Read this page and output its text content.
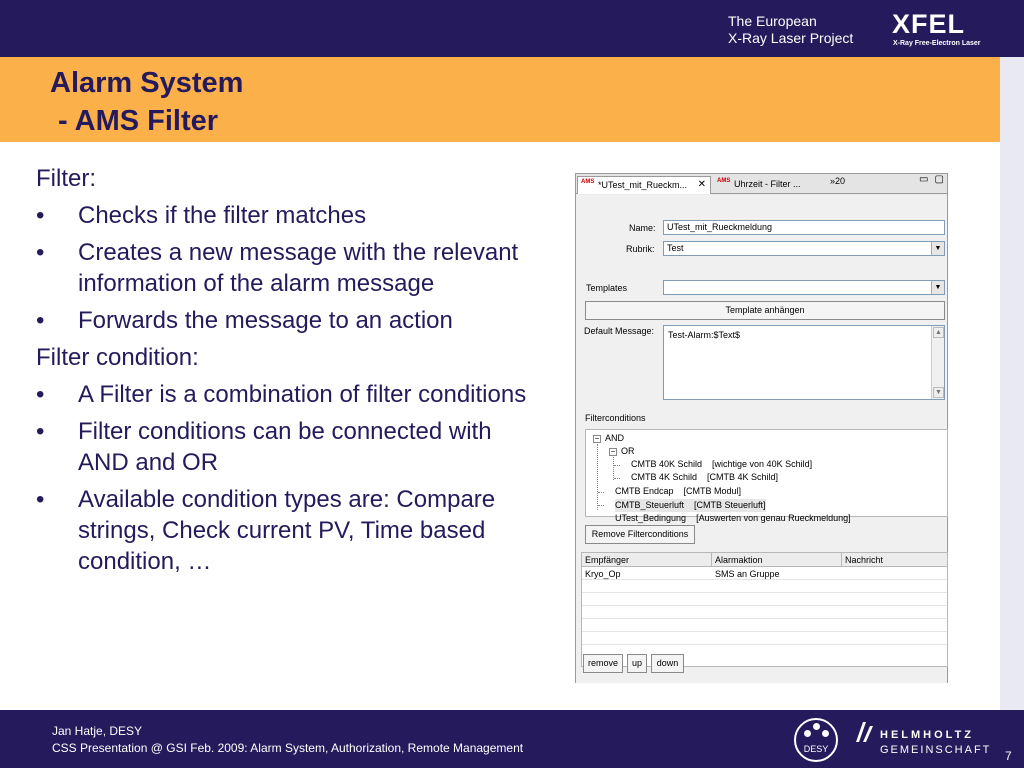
The European
X-Ray Laser Project XFEL
X-Ray Free-Electron Laser
Alarm System
- AMS Filter
Filter:
• Checks if the filter matches
• Creates a new message with the relevant information of the alarm message
• Forwards the message to an action
Filter condition:
• A Filter is a combination of filter conditions
• Filter conditions can be connected with AND and OR
• Available condition types are: Compare strings, Check current PV, Time based condition, …
AMS *UTest_mit_Rueckm... ✕ AMS Uhrzeit - Filter ...	»20	▭▢
Name:	UTest_mit_Rueckmeldung
Rubrik:	Test	▼
Templates	▼
Template anhängen
Default Message:	Test-Alarm:$Text$	▲
▼
Filterconditions
− AND
− OR
CMTB 40K Schild [wichtige von 40K Schild]
CMTB 4K Schild [CMTB 4K Schild]
CMTB Endcap [CMTB Modul]
CMTB_Steuerluft [CMTB Steuerluft]
UTest_Bedingung [Auswerten von genau Rueckmeldung]
Remove Filterconditions
Empfänger	Alarmaktion	Nachricht
Kryo_Op	SMS an Gruppe
remove	up	down
Jan Hatje, DESY
CSS Presentation @ GSI Feb. 2009: Alarm System, Authorization, Remote Management	DESY
HELMHOLTZ
GEMEINSCHAFT 7
